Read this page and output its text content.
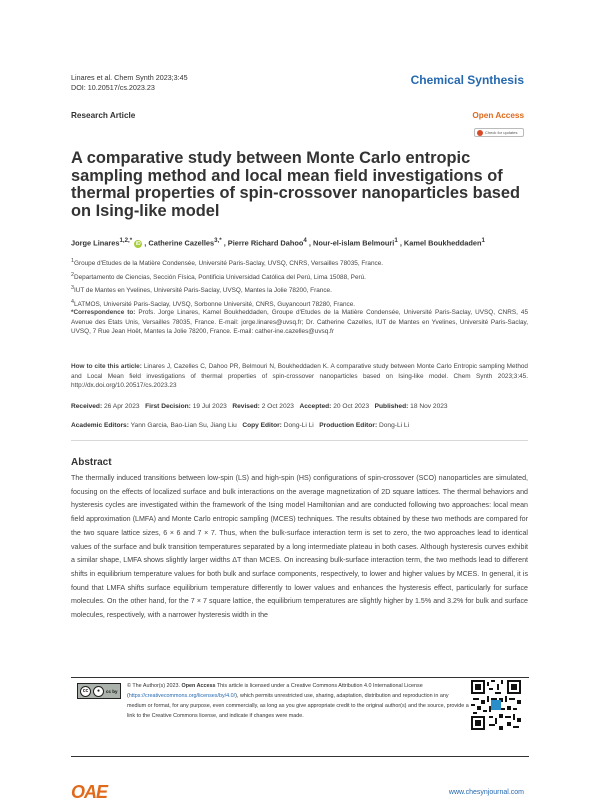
Linares et al. Chem Synth 2023;3:45
DOI: 10.20517/cs.2023.23
Chemical Synthesis
Research Article	Open Access
Check for updates
A comparative study between Monte Carlo entropic sampling method and local mean field investigations of thermal properties of spin-crossover nanoparticles based on Ising-like model
Jorge Linares$^{1,2,*}$ iD , Catherine Cazelles$^{3,*}$ , Pierre Richard Dahoo$^4$ , Nour-el-islam Belmouri$^1$ , Kamel Boukheddaden$^1$
$^1$Groupe d'Etudes de la Matière Condensée, Université Paris-Saclay, UVSQ, CNRS, Versailles 78035, France.
$^2$Departamento de Ciencias, Sección Física, Pontificia Universidad Católica del Perú, Lima 15088, Perú.
$^3$IUT de Mantes en Yvelines, Université Paris-Saclay, UVSQ, Mantes la Jolie 78200, France.
$^4$LATMOS, Université Paris-Saclay, UVSQ, Sorbonne Université, CNRS, Guyancourt 78280, France.

*Correspondence to: Profs. Jorge Linares, Kamel Boukheddaden, Groupe d'Etudes de la Matière Condensée, Université Paris-Saclay, UVSQ, CNRS, 45 Avenue des Etats Unis, Versailles 78035, France. E-mail: jorge.linares@uvsq.fr; Dr. Catherine Cazelles, IUT de Mantes en Yvelines, Université Paris-Saclay, UVSQ, 7 Rue Jean Hoët, Mantes la Jolie 78200, France. E-mail: cather-ine.cazelles@uvsq.fr

How to cite this article: Linares J, Cazelles C, Dahoo PR, Belmouri N, Boukheddaden K. A comparative study between Monte Carlo Entropic sampling Method and Local Mean field investigations of thermal properties of spin-crossover nanoparticles based on Ising-like model. Chem Synth 2023;3:45. http://dx.doi.org/10.20517/cs.2023.23

Received: 26 Apr 2023 First Decision: 19 Jul 2023 Revised: 2 Oct 2023 Accepted: 20 Oct 2023 Published: 18 Nov 2023
Academic Editors: Yann Garcia, Bao-Lian Su, Jiang Liu Copy Editor: Dong-Li Li Production Editor: Dong-Li Li
Abstract

The thermally induced transitions between low-spin (LS) and high-spin (HS) configurations of spin-crossover (SCO) nanoparticles are simulated, focusing on the effects of localized surface and bulk interactions on the average magnetization of 2D square lattices. The thermal behaviors and hysteresis cycles are investigated within the framework of the Ising model Hamiltonian and are conducted following two approaches: local mean field approximation (LMFA) and Monte Carlo entropic sampling (MCES) techniques. The results obtained by these two methods are compared for the two square lattice sizes, 6 × 6 and 7 × 7. Thus, when the bulk-surface interaction term is set to zero, the two approaches lead to identical values of the surface and bulk transition temperatures separated by a long intermediate plateau in both cases. Although hysteresis curves exhibit a similar shape, LMFA shows slightly larger widths ΔT than MCES. On increasing bulk-surface interaction term, the two methods lead to different shifts in equilibrium temperature values for both bulk and surface components, respectively, to lower and higher values by MCES. In general, it is found that LMFA shifts surface equilibrium temperature differently to lower values and enhances the hysteresis effect, particularly for surface molecules. On the other hand, for the 7 × 7 square lattice, the equilibrium temperatures are slightly higher by 1.5% and 3.2% for bulk and surface molecules, respectively, with a narrower hysteresis width in the

cc	●	cc by

© The Author(s) 2023. Open Access This article is licensed under a Creative Commons Attribution 4.0 International License (https://creativecommons.org/licenses/by/4.0/), which permits unrestricted use, sharing, adaptation, distribution and reproduction in any medium or format, for any purpose, even commercially, as long as you give appropriate credit to the original author(s) and the source, provide a link to the Creative Commons license, and indicate if changes were made.

OAE	www.chesynjournal.com
